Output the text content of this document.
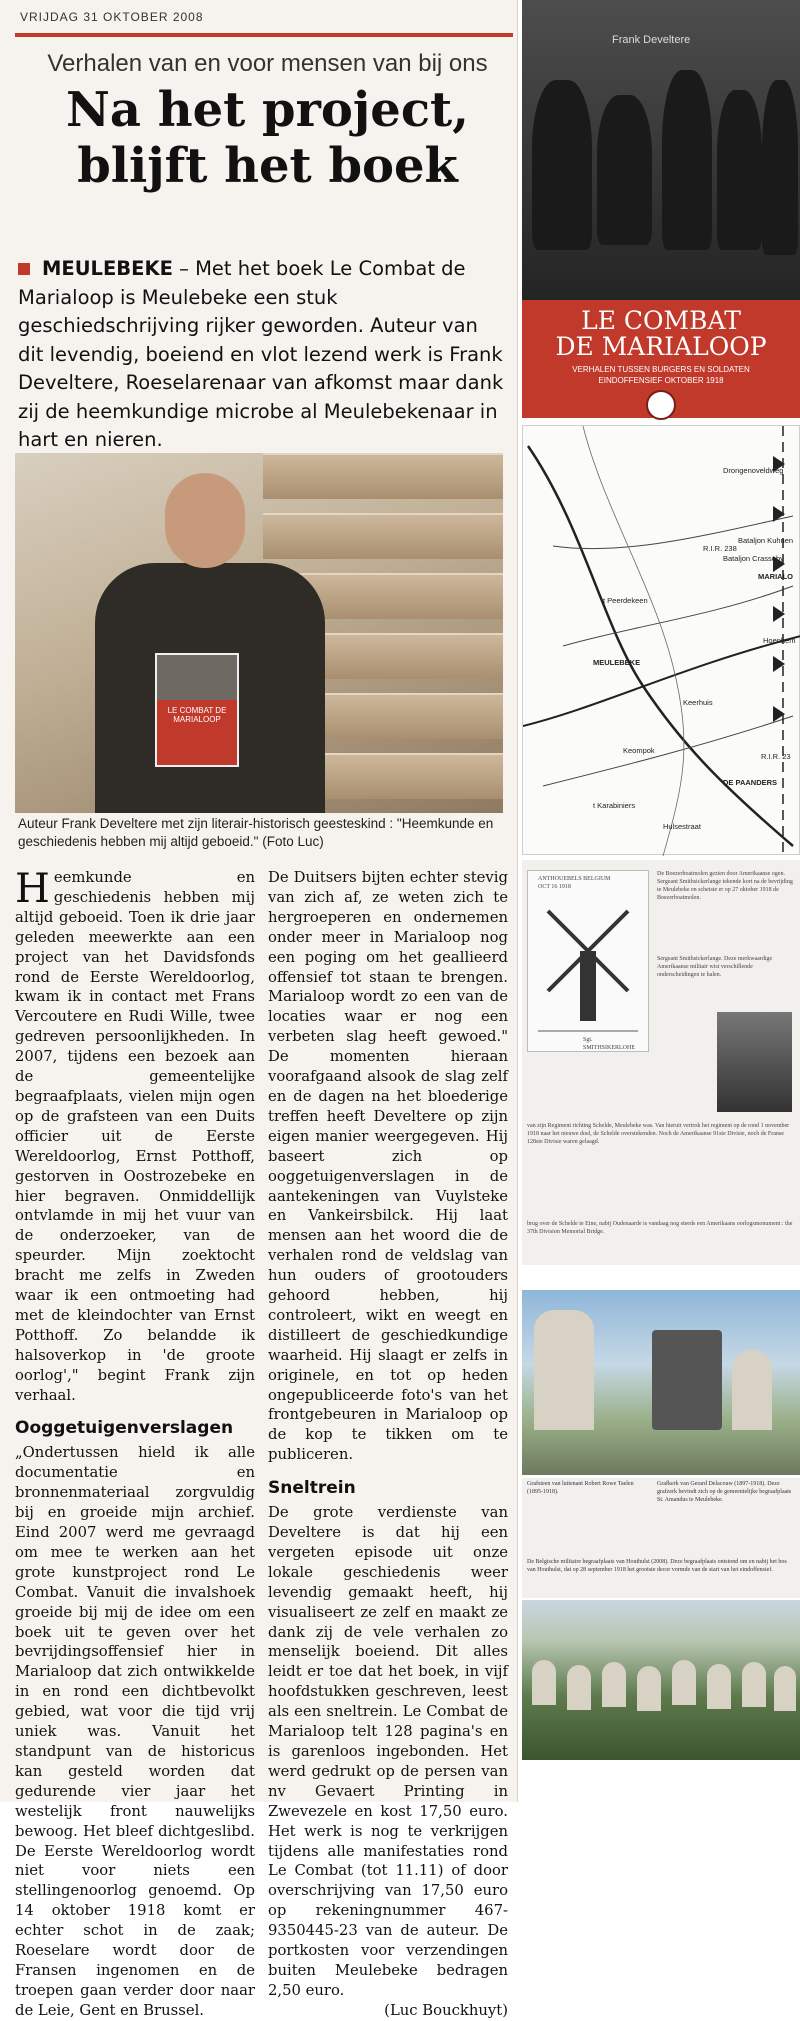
VRIJDAG 31 OKTOBER 2008
Verhalen van en voor mensen van bij ons
Na het project,
blijft het boek
MEULEBEKE – Met het boek Le Combat de Marialoop is Meulebeke een stuk geschiedschrijving rijker geworden. Auteur van dit levendig, boeiend en vlot lezend werk is Frank Develtere, Roeselarenaar van afkomst maar dank zij de heemkundige microbe al Meulebekenaar in hart en nieren.
LE COMBAT DE MARIALOOP
Auteur Frank Develtere met zijn literair-historisch geesteskind : "Heemkunde en geschiedenis hebben mij altijd geboeid." (Foto Luc)

Heemkunde en geschiedenis hebben mij altijd geboeid. Toen ik drie jaar geleden meewerkte aan een project van het Davidsfonds rond de Eerste Wereldoorlog, kwam ik in contact met Frans Vercoutere en Rudi Wille, twee gedreven persoonlijkheden. In 2007, tijdens een bezoek aan de gemeentelijke begraafplaats, vielen mijn ogen op de grafsteen van een Duits officier uit de Eerste Wereldoorlog, Ernst Potthoff, gestorven in Oostrozebeke en hier begraven. Onmiddellijk ontvlamde in mij het vuur van de onderzoeker, van de speurder. Mijn zoektocht bracht me zelfs in Zweden waar ik een ontmoeting had met de kleindochter van Ernst Potthoff. Zo belandde ik halsoverkop in 'de groote oorlog'," begint Frank zijn verhaal.

Ooggetuigenverslagen

„Ondertussen hield ik alle documentatie en bronnenmateriaal zorgvuldig bij en groeide mijn archief. Eind 2007 werd me gevraagd om mee te werken aan het grote kunstproject rond Le Combat. Vanuit die invalshoek groeide bij mij de idee om een boek uit te geven over het bevrijdingsoffensief hier in Marialoop dat zich ontwikkelde in en rond een dichtbevolkt gebied, wat voor die tijd vrij uniek was. Vanuit het standpunt van de historicus kan gesteld worden dat gedurende vier jaar het westelijk front nauwelijks bewoog. Het bleef dichtgeslibd. De Eerste Wereldoorlog wordt niet voor niets een stellingenoorlog genoemd. Op 14 oktober 1918 komt er echter schot in de zaak; Roeselare wordt door de Fransen ingenomen en de troepen gaan verder door naar de Leie, Gent en Brussel.

De Duitsers bijten echter stevig van zich af, ze weten zich te hergroeperen en ondernemen onder meer in Marialoop nog een poging om het geallieerd offensief tot staan te brengen. Marialoop wordt zo een van de locaties waar er nog een verbeten slag heeft gewoed." De momenten hieraan voorafgaand alsook de slag zelf en de dagen na het bloederige treffen heeft Develtere op zijn eigen manier weergegeven. Hij baseert zich op ooggetuigenverslagen in de aantekeningen van Vuylsteke en Vankeirsbilck. Hij laat mensen aan het woord die de verhalen rond de veldslag van hun ouders of grootouders gehoord hebben, hij controleert, wikt en weegt en distilleert de geschiedkundige waarheid. Hij slaagt er zelfs in originele, en tot op heden ongepubliceerde foto's van het frontgebeuren in Marialoop op de kop te tikken om te publiceren.

Sneltrein

De grote verdienste van Develtere is dat hij een vergeten episode uit onze lokale geschiedenis weer levendig gemaakt heeft, hij visualiseert ze zelf en maakt ze dank zij de vele verhalen zo menselijk boeiend. Dit alles leidt er toe dat het boek, in vijf hoofdstukken geschreven, leest als een sneltrein. Le Combat de Marialoop telt 128 pagina's en is garenloos ingebonden. Het werd gedrukt op de persen van nv Gevaert Printing in Zwevezele en kost 17,50 euro. Het werk is nog te verkrijgen tijdens alle manifestaties rond Le Combat (tot 11.11) of door overschrijving van 17,50 euro op rekeningnummer 467-9350445-23 van de auteur. De portkosten voor verzendingen buiten Meulebeke bedragen 2,50 euro.

(Luc Bouckhuyt)

Frank Develtere
LE COMBAT
DE MARIALOOP
VERHALEN TUSSEN BURGERS EN SOLDATEN
EINDOFFENSIEF OKTOBER 1918
Drongenoveldweg
Bataljon Kuhnen
R.I.R. 238
Bataljon Crasseby
MARIALO
Hoenhem
t Peerdekeen
MEULEBEKE
Keerhuis
R.I.R. 23
DE PAANDERS
Keompok
t Karabiniers
Hulsestraat
ANTHOUEBELS BELGIUM OCT 16 1918
Sgt. SMITHSIKERLOHE
De Boezerboatmolen gezien door Amerikaanse ogen. Sergeant Smithsickerlange tekende kort na de bevrijding te Meulebeke en schetste er op 27 oktober 1918 de Boezerboatmolen.
Sergeant Smithsickerlange. Deze merkwaardige Amerikaanse militair wist verschillende onderscheidingen te halen.
van zijn Regiment richting Schelde, Meulebeke was. Van hieruit vertrok het regiment op de rond 1 november 1918 naar het nieuwe doel, de Schelde overstekenden. Noch de Amerikaanse 91ste Divisie, noch de Franse 128ste Divisie waren gelaagd.
brug over de Schelde te Eine, nabij Oudenaarde is vandaag nog steeds een Amerikaans oorlogsmonument : the 37th Division Memorial Bridge.
Grafsteen van luitenant Robert Rowe Taelen (1895-1918).
Grafkerk van Gerard Delacouw (1897-1918). Deze grafzerk bevindt zich op de gemeentelijke begraafplaats St. Amandus te Meulebeke.
De Belgische militaire begraafplaats van Houthulst (2008). Deze begraafplaats ontstond om en nabij het bos van Houthulst, dat op 28 september 1918 het grootste decor vormde van de start van het eindoffensief.
